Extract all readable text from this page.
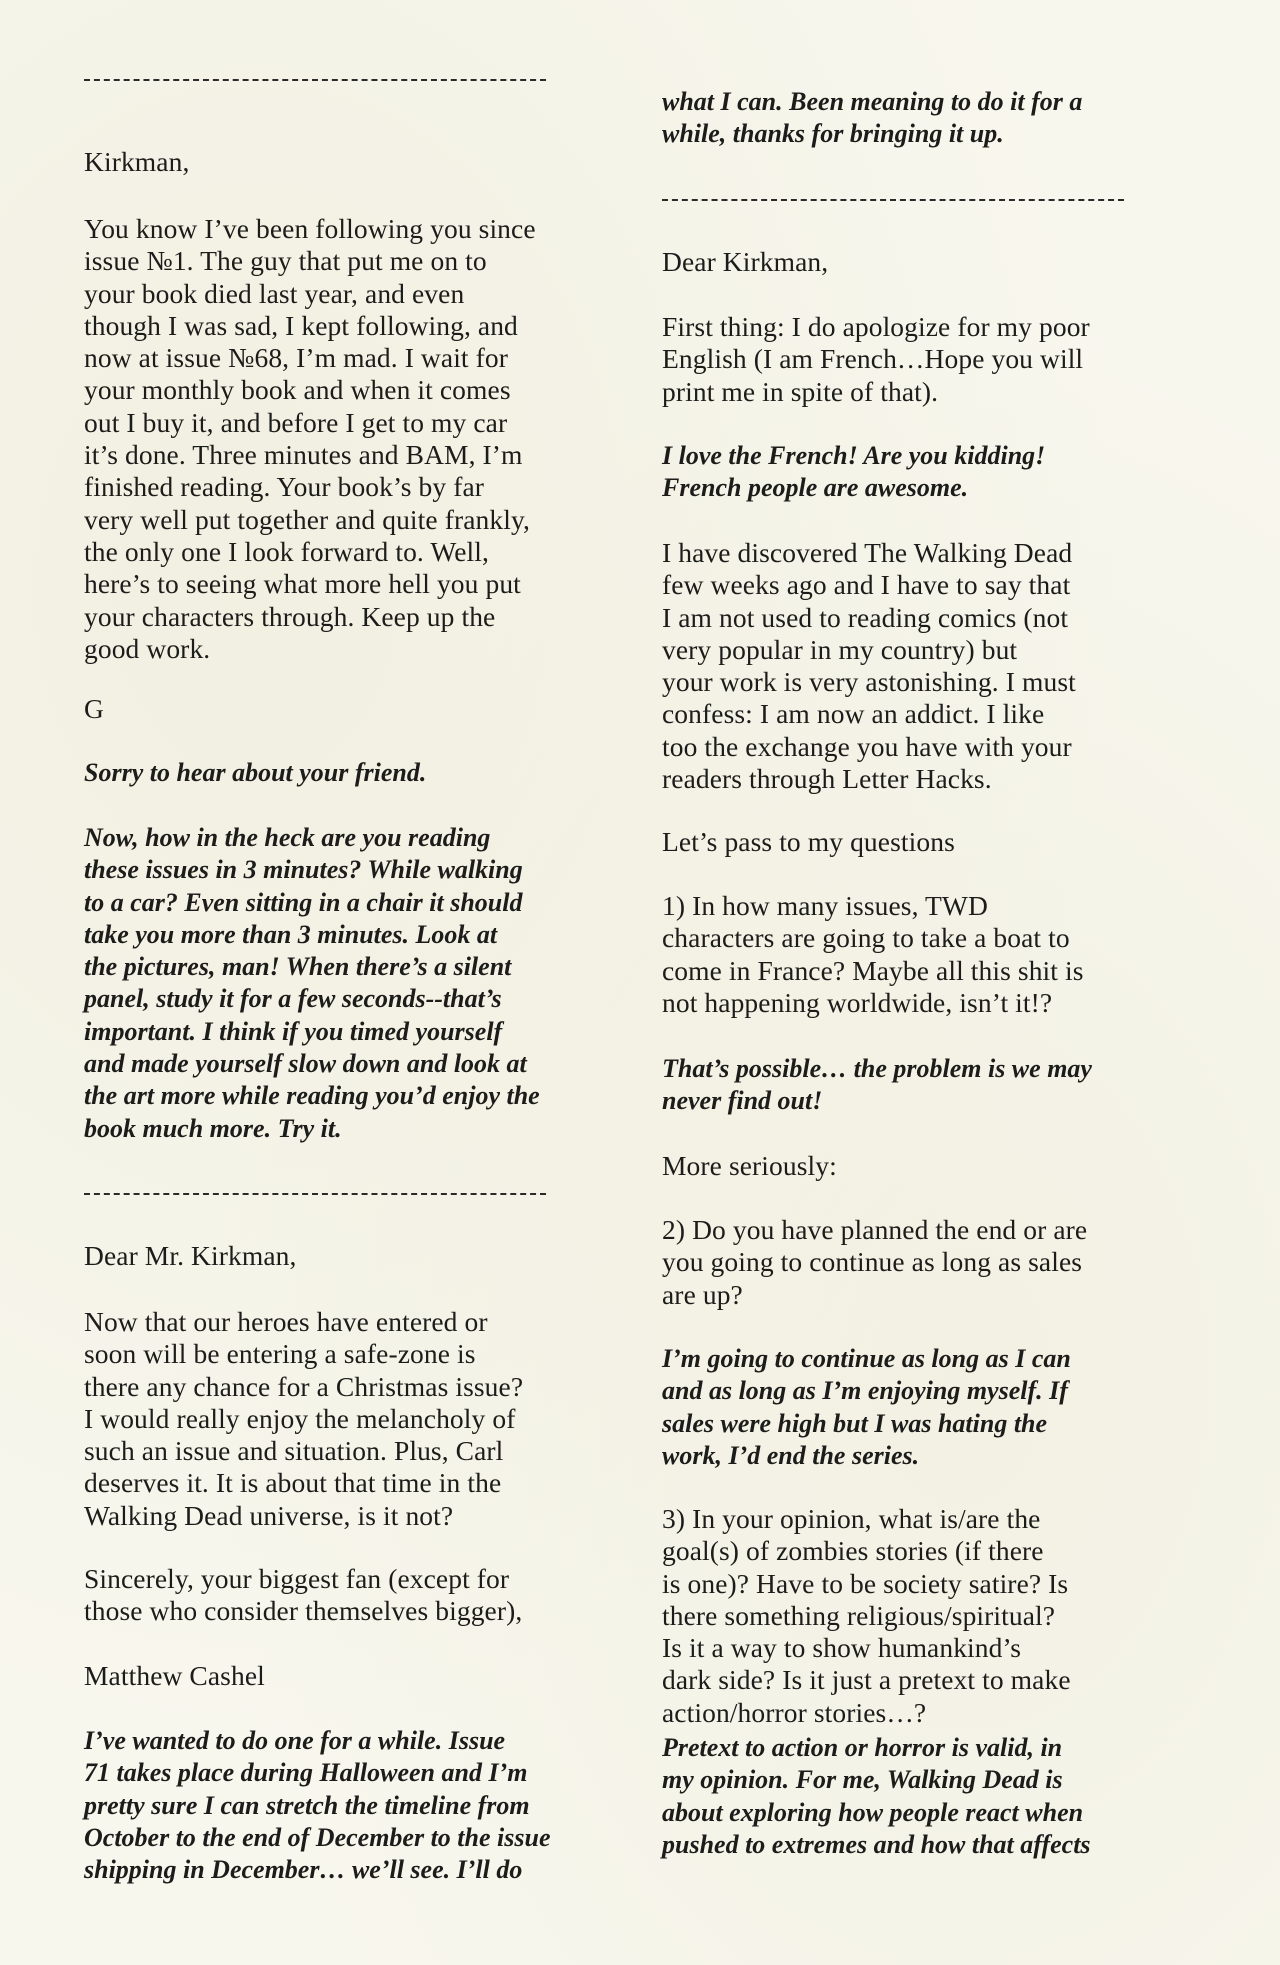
Kirkman,

You know I’ve been following you since
issue №1. The guy that put me on to
your book died last year, and even
though I was sad, I kept following, and
now at issue №68, I’m mad. I wait for
your monthly book and when it comes
out I buy it, and before I get to my car
it’s done. Three minutes and BAM, I’m
finished reading. Your book’s by far
very well put together and quite frankly,
the only one I look forward to. Well,
here’s to seeing what more hell you put
your characters through. Keep up the
good work.

G

Sorry to hear about your friend.

Now, how in the heck are you reading
these issues in 3 minutes? While walking
to a car? Even sitting in a chair it should
take you more than 3 minutes. Look at
the pictures, man! When there’s a silent
panel, study it for a few seconds--that’s
important. I think if you timed yourself
and made yourself slow down and look at
the art more while reading you’d enjoy the
book much more. Try it.

Dear Mr. Kirkman,

Now that our heroes have entered or
soon will be entering a safe-zone is
there any chance for a Christmas issue?
I would really enjoy the melancholy of
such an issue and situation. Plus, Carl
deserves it. It is about that time in the
Walking Dead universe, is it not?

Sincerely, your biggest fan (except for
those who consider themselves bigger),

Matthew Cashel

I’ve wanted to do one for a while. Issue
71 takes place during Halloween and I’m
pretty sure I can stretch the timeline from
October to the end of December to the issue
shipping in December… we’ll see. I’ll do

what I can. Been meaning to do it for a
while, thanks for bringing it up.

Dear Kirkman,

First thing: I do apologize for my poor
English (I am French…Hope you will
print me in spite of that).

I love the French! Are you kidding!
French people are awesome.

I have discovered The Walking Dead
few weeks ago and I have to say that
I am not used to reading comics (not
very popular in my country) but
your work is very astonishing. I must
confess: I am now an addict. I like
too the exchange you have with your
readers through Letter Hacks.

Let’s pass to my questions

1) In how many issues, TWD
characters are going to take a boat to
come in France? Maybe all this shit is
not happening worldwide, isn’t it!?

That’s possible… the problem is we may
never find out!

More seriously:

2) Do you have planned the end or are
you going to continue as long as sales
are up?

I’m going to continue as long as I can
and as long as I’m enjoying myself. If
sales were high but I was hating the
work, I’d end the series.

3) In your opinion, what is/are the
goal(s) of zombies stories (if there
is one)? Have to be society satire? Is
there something religious/spiritual?
Is it a way to show humankind’s
dark side? Is it just a pretext to make
action/horror stories…?

Pretext to action or horror is valid, in
my opinion. For me, Walking Dead is
about exploring how people react when
pushed to extremes and how that affects
